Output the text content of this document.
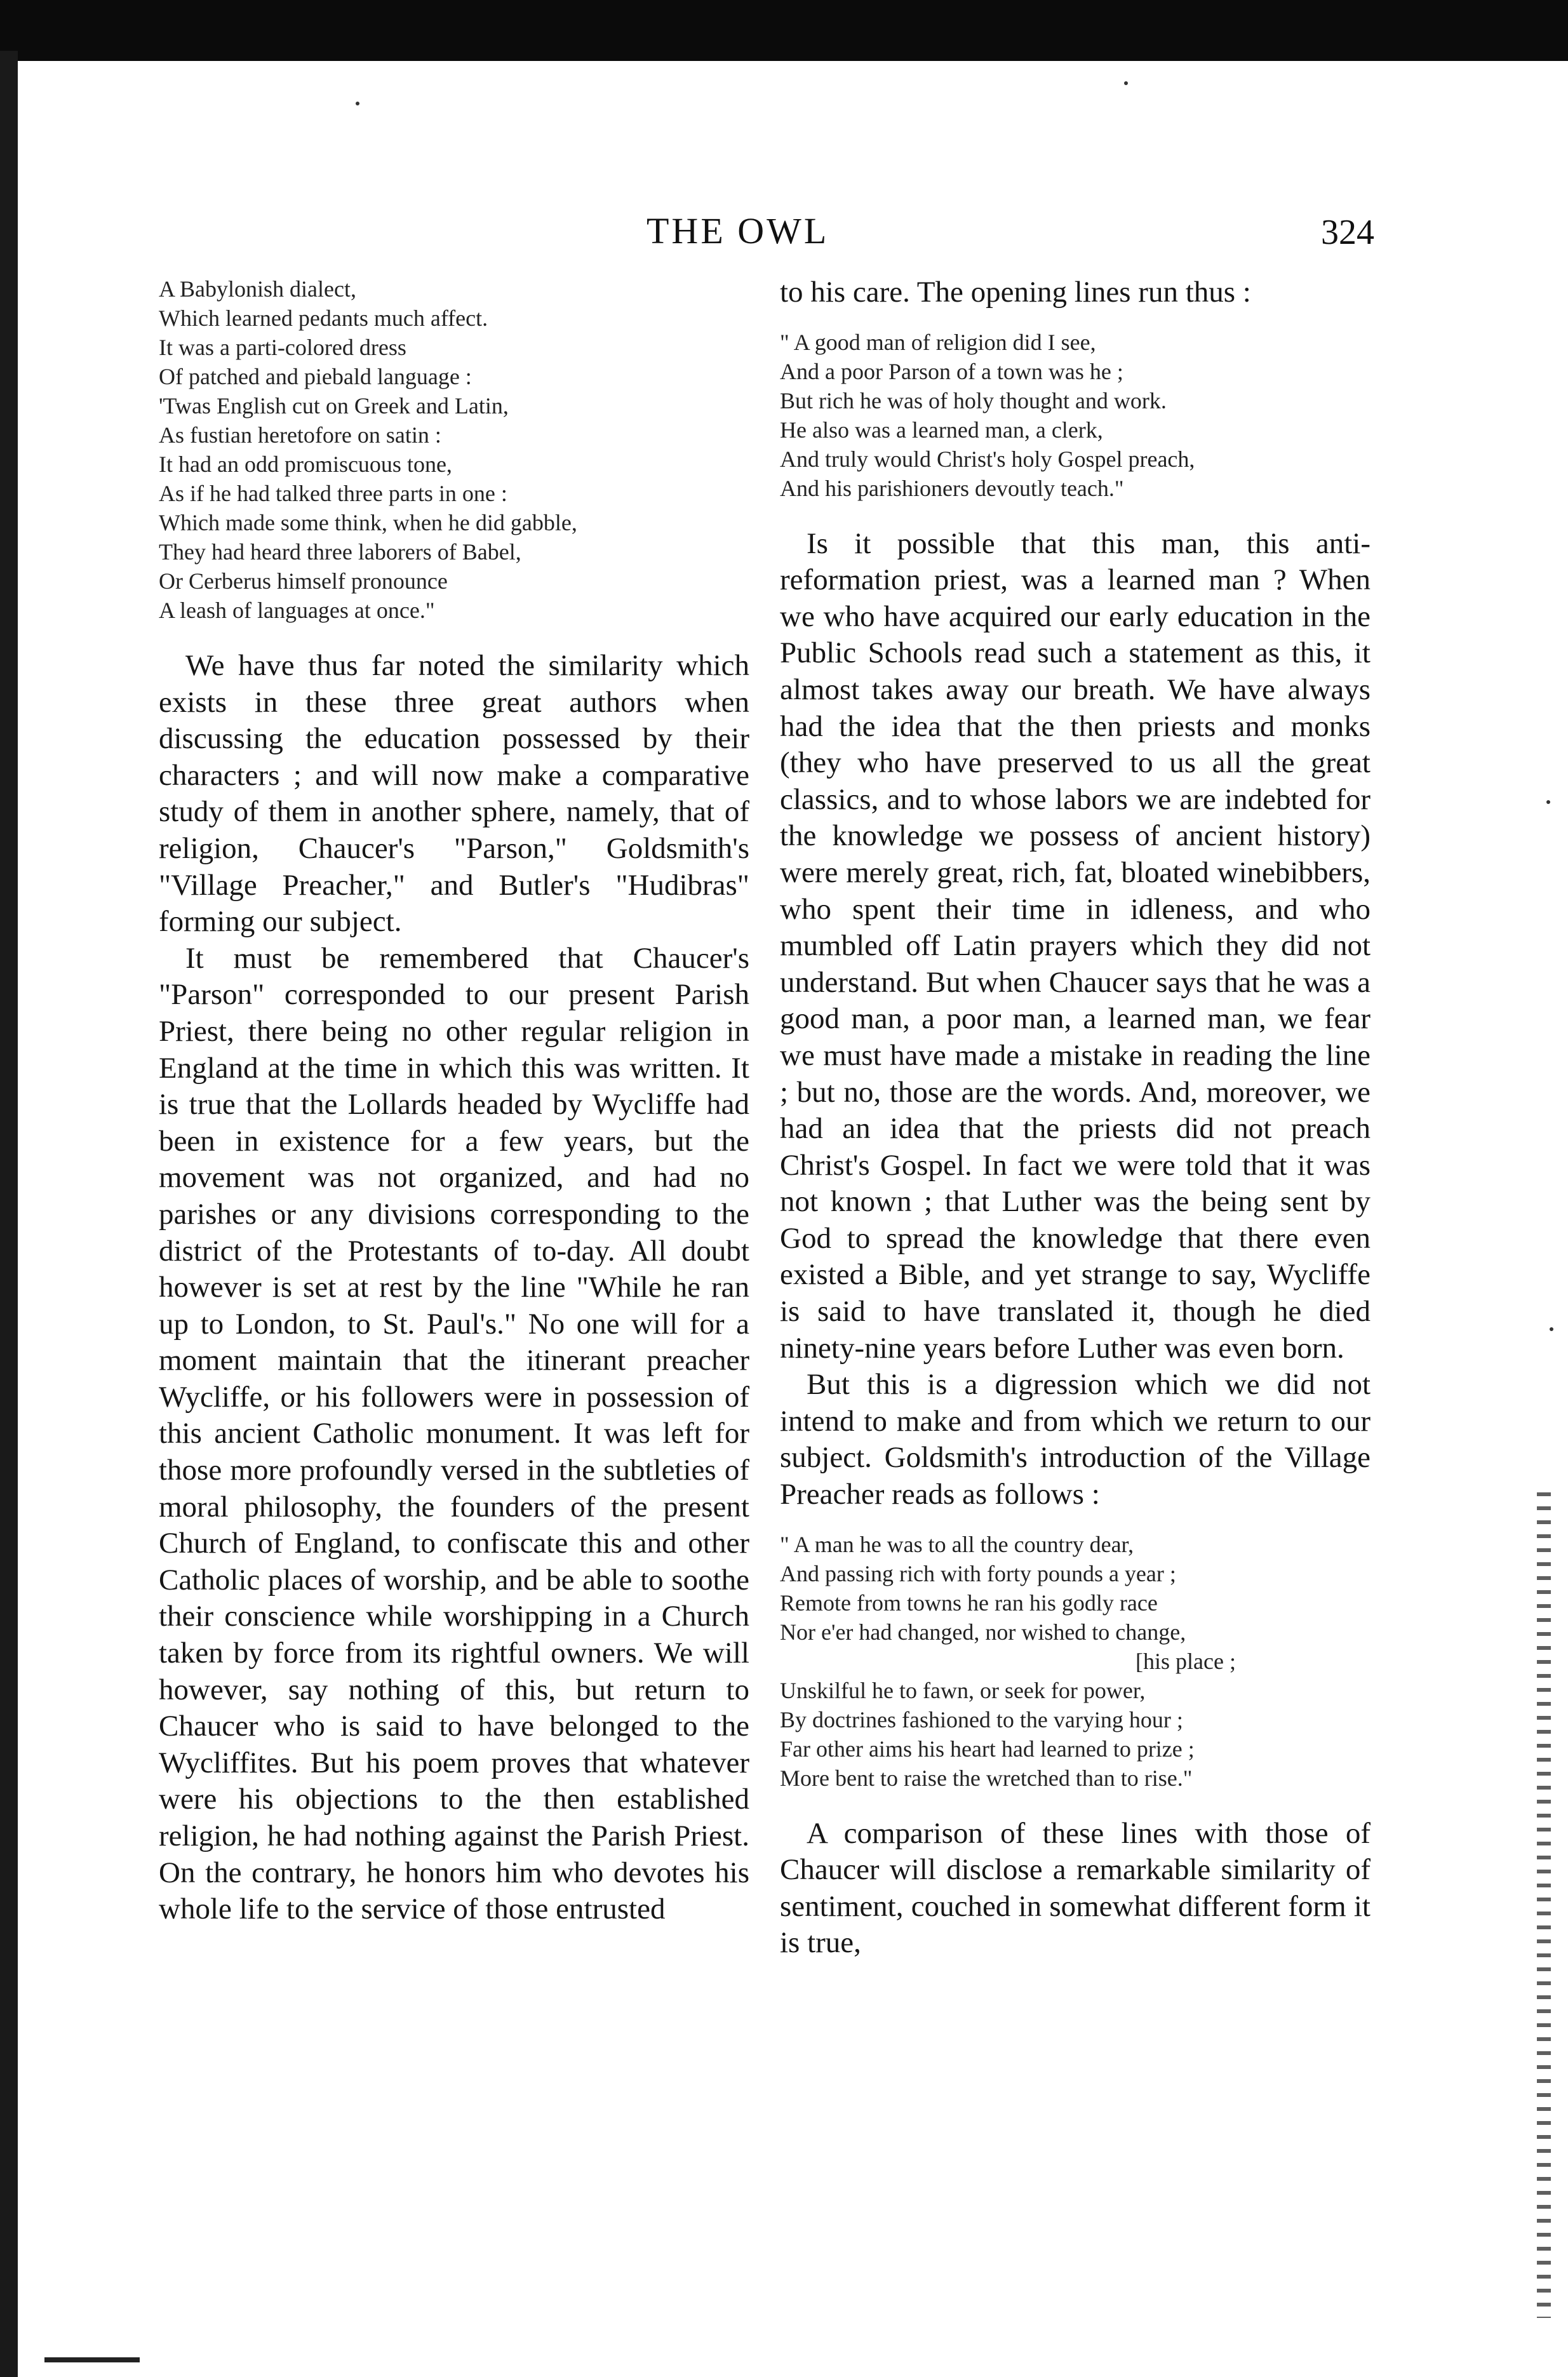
THE OWL	324
A Babylonish dialect,
Which learned pedants much affect.
It was a parti-colored dress
Of patched and piebald language :
'Twas English cut on Greek and Latin,
As fustian heretofore on satin :
It had an odd promiscuous tone,
As if he had talked three parts in one :
Which made some think, when he did gabble,
They had heard three laborers of Babel,
Or Cerberus himself pronounce
A leash of languages at once."

We have thus far noted the similarity which exists in these three great authors when discussing the education possessed by their characters ; and will now make a comparative study of them in another sphere, namely, that of religion, Chaucer's "Parson," Goldsmith's "Village Preacher," and Butler's "Hudibras" forming our subject.

It must be remembered that Chaucer's "Parson" corresponded to our present Parish Priest, there being no other regular religion in England at the time in which this was written. It is true that the Lollards headed by Wycliffe had been in existence for a few years, but the movement was not organized, and had no parishes or any divisions corresponding to the district of the Protestants of to-day. All doubt however is set at rest by the line "While he ran up to London, to St. Paul's." No one will for a moment maintain that the itinerant preacher Wycliffe, or his followers were in possession of this ancient Catholic monument. It was left for those more profoundly versed in the subtleties of moral philosophy, the founders of the present Church of England, to confiscate this and other Catholic places of worship, and be able to soothe their conscience while worshipping in a Church taken by force from its rightful owners. We will however, say nothing of this, but return to Chaucer who is said to have belonged to the Wycliffites. But his poem proves that whatever were his objections to the then established religion, he had nothing against the Parish Priest. On the contrary, he honors him who devotes his whole life to the service of those entrusted

to his care. The opening lines run thus :

" A good man of religion did I see,
And a poor Parson of a town was he ;
But rich he was of holy thought and work.
He also was a learned man, a clerk,
And truly would Christ's holy Gospel preach,
And his parishioners devoutly teach."

Is it possible that this man, this anti-reformation priest, was a learned man ? When we who have acquired our early education in the Public Schools read such a statement as this, it almost takes away our breath. We have always had the idea that the then priests and monks (they who have preserved to us all the great classics, and to whose labors we are indebted for the knowledge we possess of ancient history) were merely great, rich, fat, bloated winebibbers, who spent their time in idleness, and who mumbled off Latin prayers which they did not understand. But when Chaucer says that he was a good man, a poor man, a learned man, we fear we must have made a mistake in reading the line ; but no, those are the words. And, moreover, we had an idea that the priests did not preach Christ's Gospel. In fact we were told that it was not known ; that Luther was the being sent by God to spread the knowledge that there even existed a Bible, and yet strange to say, Wycliffe is said to have translated it, though he died ninety-nine years before Luther was even born.

But this is a digression which we did not intend to make and from which we return to our subject. Goldsmith's introduction of the Village Preacher reads as follows :

" A man he was to all the country dear,
And passing rich with forty pounds a year ;
Remote from towns he ran his godly race
Nor e'er had changed, nor wished to change,
[his place ;
Unskilful he to fawn, or seek for power,
By doctrines fashioned to the varying hour ;
Far other aims his heart had learned to prize ;
More bent to raise the wretched than to rise."

A comparison of these lines with those of Chaucer will disclose a remarkable similarity of sentiment, couched in somewhat different form it is true,
